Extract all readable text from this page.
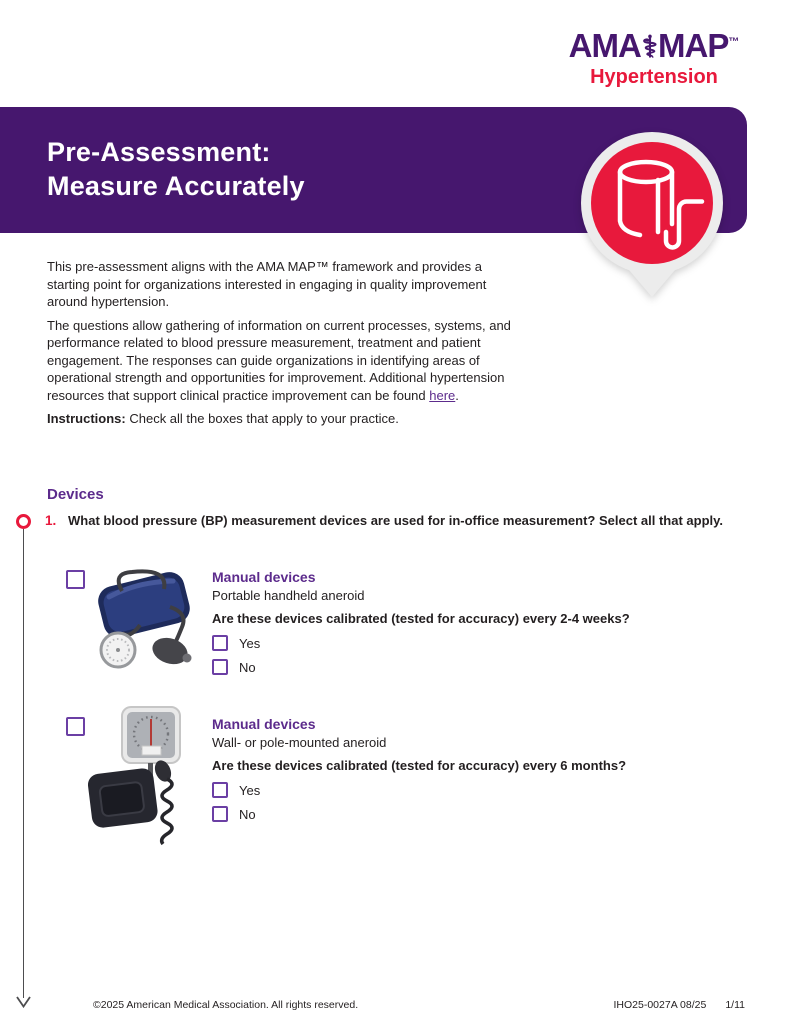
AMA⚕MAP™
Hypertension
Pre-Assessment:
Measure Accurately

This pre-assessment aligns with the AMA MAP™ framework and provides a starting point for organizations interested in engaging in quality improvement around hypertension.

The questions allow gathering of information on current processes, systems, and performance related to blood pressure measurement, treatment and patient engagement. The responses can guide organizations in identifying areas of operational strength and opportunities for improvement. Additional hypertension resources that support clinical practice improvement can be found here.

Instructions: Check all the boxes that apply to your practice.

Devices
1. What blood pressure (BP) measurement devices are used for in-office measurement? Select all that apply.
Manual devices
Portable handheld aneroid
Are these devices calibrated (tested for accuracy) every 2-4 weeks?
Yes
No
Manual devices
Wall- or pole-mounted aneroid
Are these devices calibrated (tested for accuracy) every 6 months?
Yes
No
©2025 American Medical Association. All rights reserved.	IHO25-0027A 08/25 1/11
